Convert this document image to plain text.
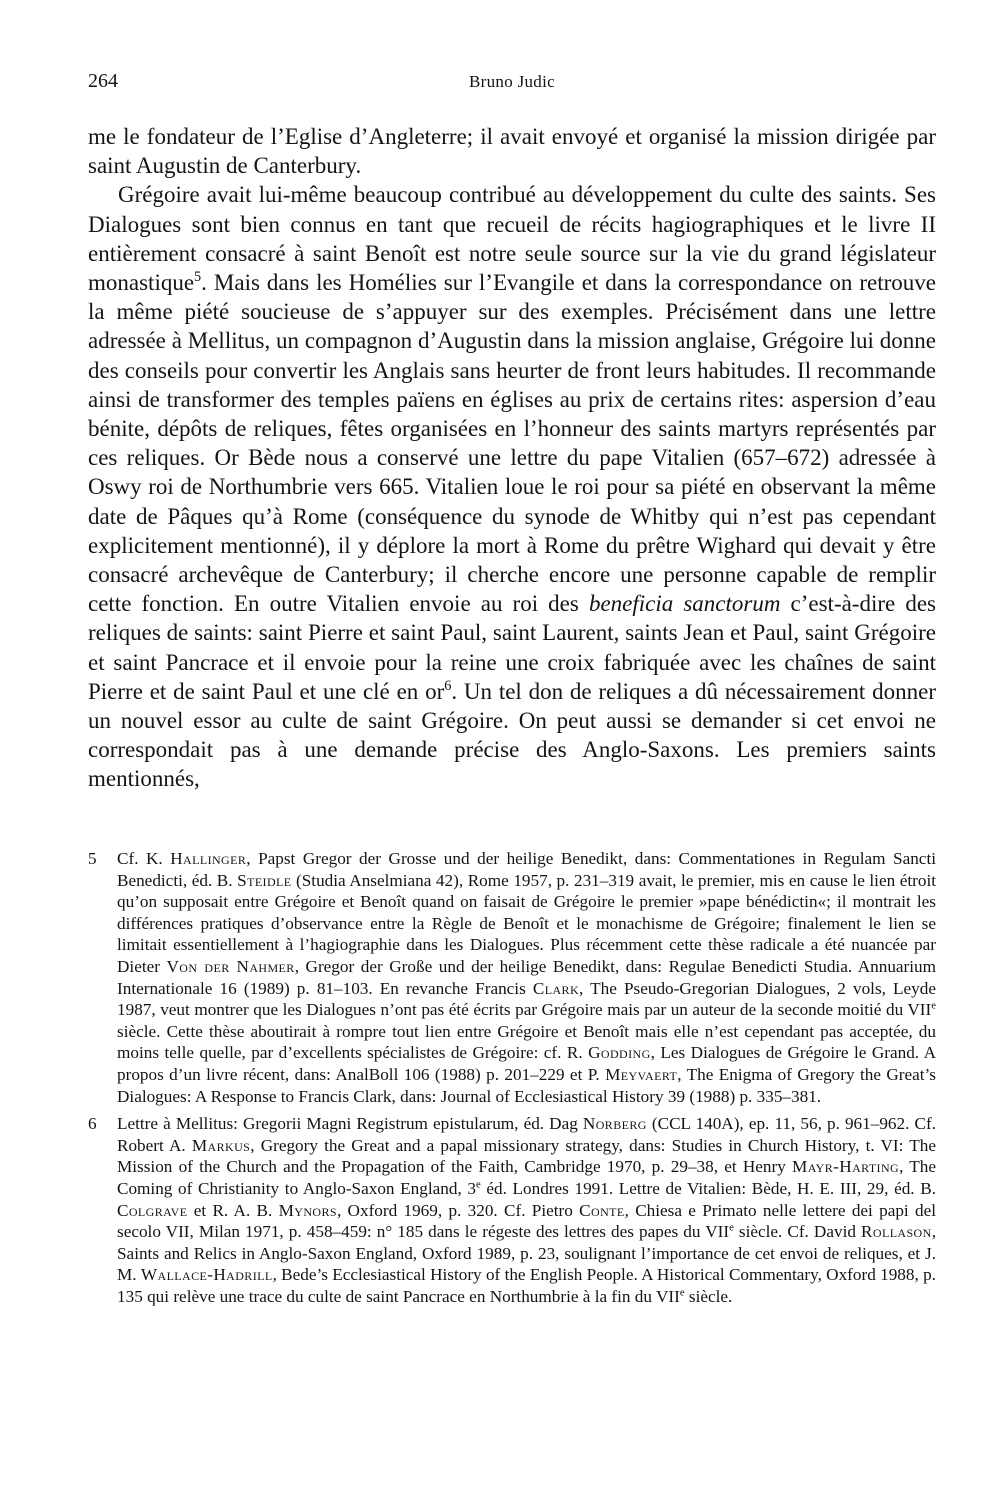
264	Bruno Judic

me le fondateur de l’Eglise d’Angleterre; il avait envoyé et organisé la mission dirigée par saint Augustin de Canterbury.

Grégoire avait lui-même beaucoup contribué au développement du culte des saints. Ses Dialogues sont bien connus en tant que recueil de récits hagiographiques et le livre II entièrement consacré à saint Benoît est notre seule source sur la vie du grand législateur monastique$^5$. Mais dans les Homélies sur l’Evangile et dans la correspondance on retrouve la même piété soucieuse de s’appuyer sur des exemples. Précisément dans une lettre adressée à Mellitus, un compagnon d’Augustin dans la mission anglaise, Grégoire lui donne des conseils pour convertir les Anglais sans heurter de front leurs habitudes. Il recommande ainsi de transformer des temples païens en églises au prix de certains rites: aspersion d’eau bénite, dépôts de reliques, fêtes organisées en l’honneur des saints martyrs représentés par ces reliques. Or Bède nous a conservé une lettre du pape Vitalien (657–672) adressée à Oswy roi de Northumbrie vers 665. Vitalien loue le roi pour sa piété en observant la même date de Pâques qu’à Rome (conséquence du synode de Whitby qui n’est pas cependant explicitement mentionné), il y déplore la mort à Rome du prêtre Wighard qui devait y être consacré archevêque de Canterbury; il cherche encore une personne capable de remplir cette fonction. En outre Vitalien envoie au roi des beneficia sanctorum c’est-à-dire des reliques de saints: saint Pierre et saint Paul, saint Laurent, saints Jean et Paul, saint Grégoire et saint Pancrace et il envoie pour la reine une croix fabriquée avec les chaînes de saint Pierre et de saint Paul et une clé en $or^6$. Un tel don de reliques a dû nécessairement donner un nouvel essor au culte de saint Grégoire. On peut aussi se demander si cet envoi ne correspondait pas à une demande précise des Anglo-Saxons. Les premiers saints mentionnés,

5 Cf. K. Hallinger, Papst Gregor der Grosse und der heilige Benedikt, dans: Commentationes in Regulam Sancti Benedicti, éd. B. Steidle (Studia Anselmiana 42), Rome 1957, p. 231–319 avait, le premier, mis en cause le lien étroit qu’on supposait entre Grégoire et Benoît quand on faisait de Grégoire le premier »pape bénédictin«; il montrait les différences pratiques d’observance entre la Règle de Benoît et le monachisme de Grégoire; finalement le lien se limitait essentiellement à l’hagiographie dans les Dialogues. Plus récemment cette thèse radicale a été nuancée par Dieter Von der Nahmer, Gregor der Große und der heilige Benedikt, dans: Regulae Benedicti Studia. Annuarium Internationale 16 (1989) p. 81–103. En revanche Francis Clark, The Pseudo-Gregorian Dialogues, 2 vols, Leyde 1987, veut montrer que les Dialogues n’ont pas été écrits par Grégoire mais par un auteur de la seconde moitié du VIIe siècle. Cette thèse aboutirait à rompre tout lien entre Grégoire et Benoît mais elle n’est cependant pas acceptée, du moins telle quelle, par d’excellents spécialistes de Grégoire: cf. R. Godding, Les Dialogues de Grégoire le Grand. A propos d’un livre récent, dans: AnalBoll 106 (1988) p. 201–229 et P. Meyvaert, The Enigma of Gregory the Great’s Dialogues: A Response to Francis Clark, dans: Journal of Ecclesiastical History 39 (1988) p. 335–381.
6 Lettre à Mellitus: Gregorii Magni Registrum epistularum, éd. Dag Norberg (CCL 140A), ep. 11, 56, p. 961–962. Cf. Robert A. Markus, Gregory the Great and a papal missionary strategy, dans: Studies in Church History, t. VI: The Mission of the Church and the Propagation of the Faith, Cambridge 1970, p. 29–38, et Henry Mayr-Harting, The Coming of Christianity to Anglo-Saxon England, 3e éd. Londres 1991. Lettre de Vitalien: Bède, H. E. III, 29, éd. B. Colgrave et R. A. B. Mynors, Oxford 1969, p. 320. Cf. Pietro Conte, Chiesa e Primato nelle lettere dei papi del secolo VII, Milan 1971, p. 458–459: n° 185 dans le régeste des lettres des papes du VIIe siècle. Cf. David Rollason, Saints and Relics in Anglo-Saxon England, Oxford 1989, p. 23, soulignant l’importance de cet envoi de reliques, et J. M. Wallace-Hadrill, Bede’s Ecclesiastical History of the English People. A Historical Commentary, Oxford 1988, p. 135 qui relève une trace du culte de saint Pancrace en Northumbrie à la fin du VIIe siècle.
